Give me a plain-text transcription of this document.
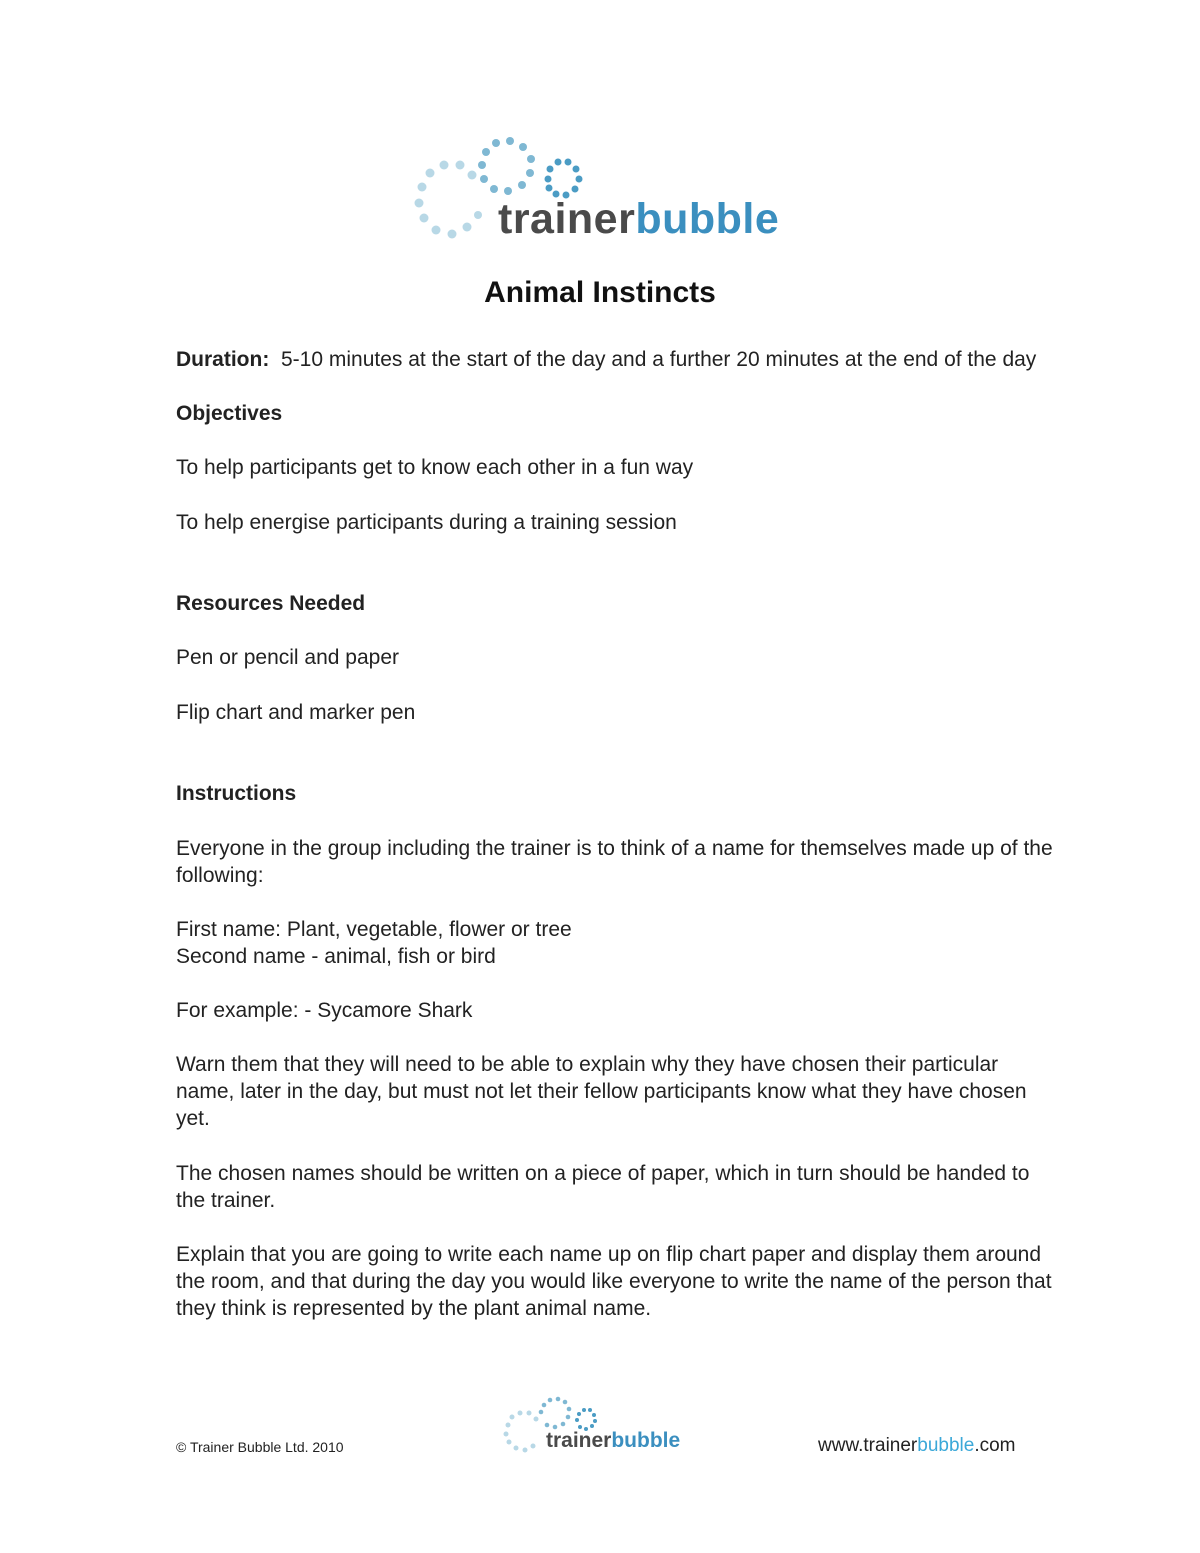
trainerbubble
Animal Instincts

Duration: 5-10 minutes at the start of the day and a further 20 minutes at the end of the day

Objectives

To help participants get to know each other in a fun way

To help energise participants during a training session

Resources Needed

Pen or pencil and paper

Flip chart and marker pen

Instructions

Everyone in the group including the trainer is to think of a name for themselves made up of the following:

First name: Plant, vegetable, flower or tree

Second name - animal, fish or bird

For example: - Sycamore Shark

Warn them that they will need to be able to explain why they have chosen their particular name, later in the day, but must not let their fellow participants know what they have chosen yet.

The chosen names should be written on a piece of paper, which in turn should be handed to the trainer.

Explain that you are going to write each name up on flip chart paper and display them around the room, and that during the day you would like everyone to write the name of the person that they think is represented by the plant animal name.

© Trainer Bubble Ltd. 2010	trainerbubble	www.trainerbubble.com
